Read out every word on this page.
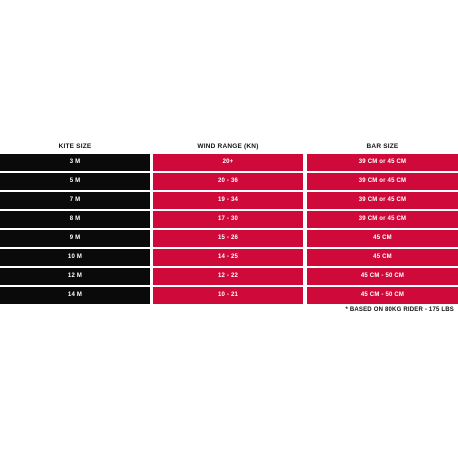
KITE SIZE	WIND RANGE (KN)	BAR SIZE
3 M	20+	39 CM or 45 CM
5 M	20 - 36	39 CM or 45 CM
7 M	19 - 34	39 CM or 45 CM
8 M	17 - 30	39 CM or 45 CM
9 M	15 - 26	45 CM
10 M	14 - 25	45 CM
12 M	12 - 22	45 CM - 50 CM
14 M	10 - 21	45 CM - 50 CM
* BASED ON 80KG RIDER - 175 LBS
